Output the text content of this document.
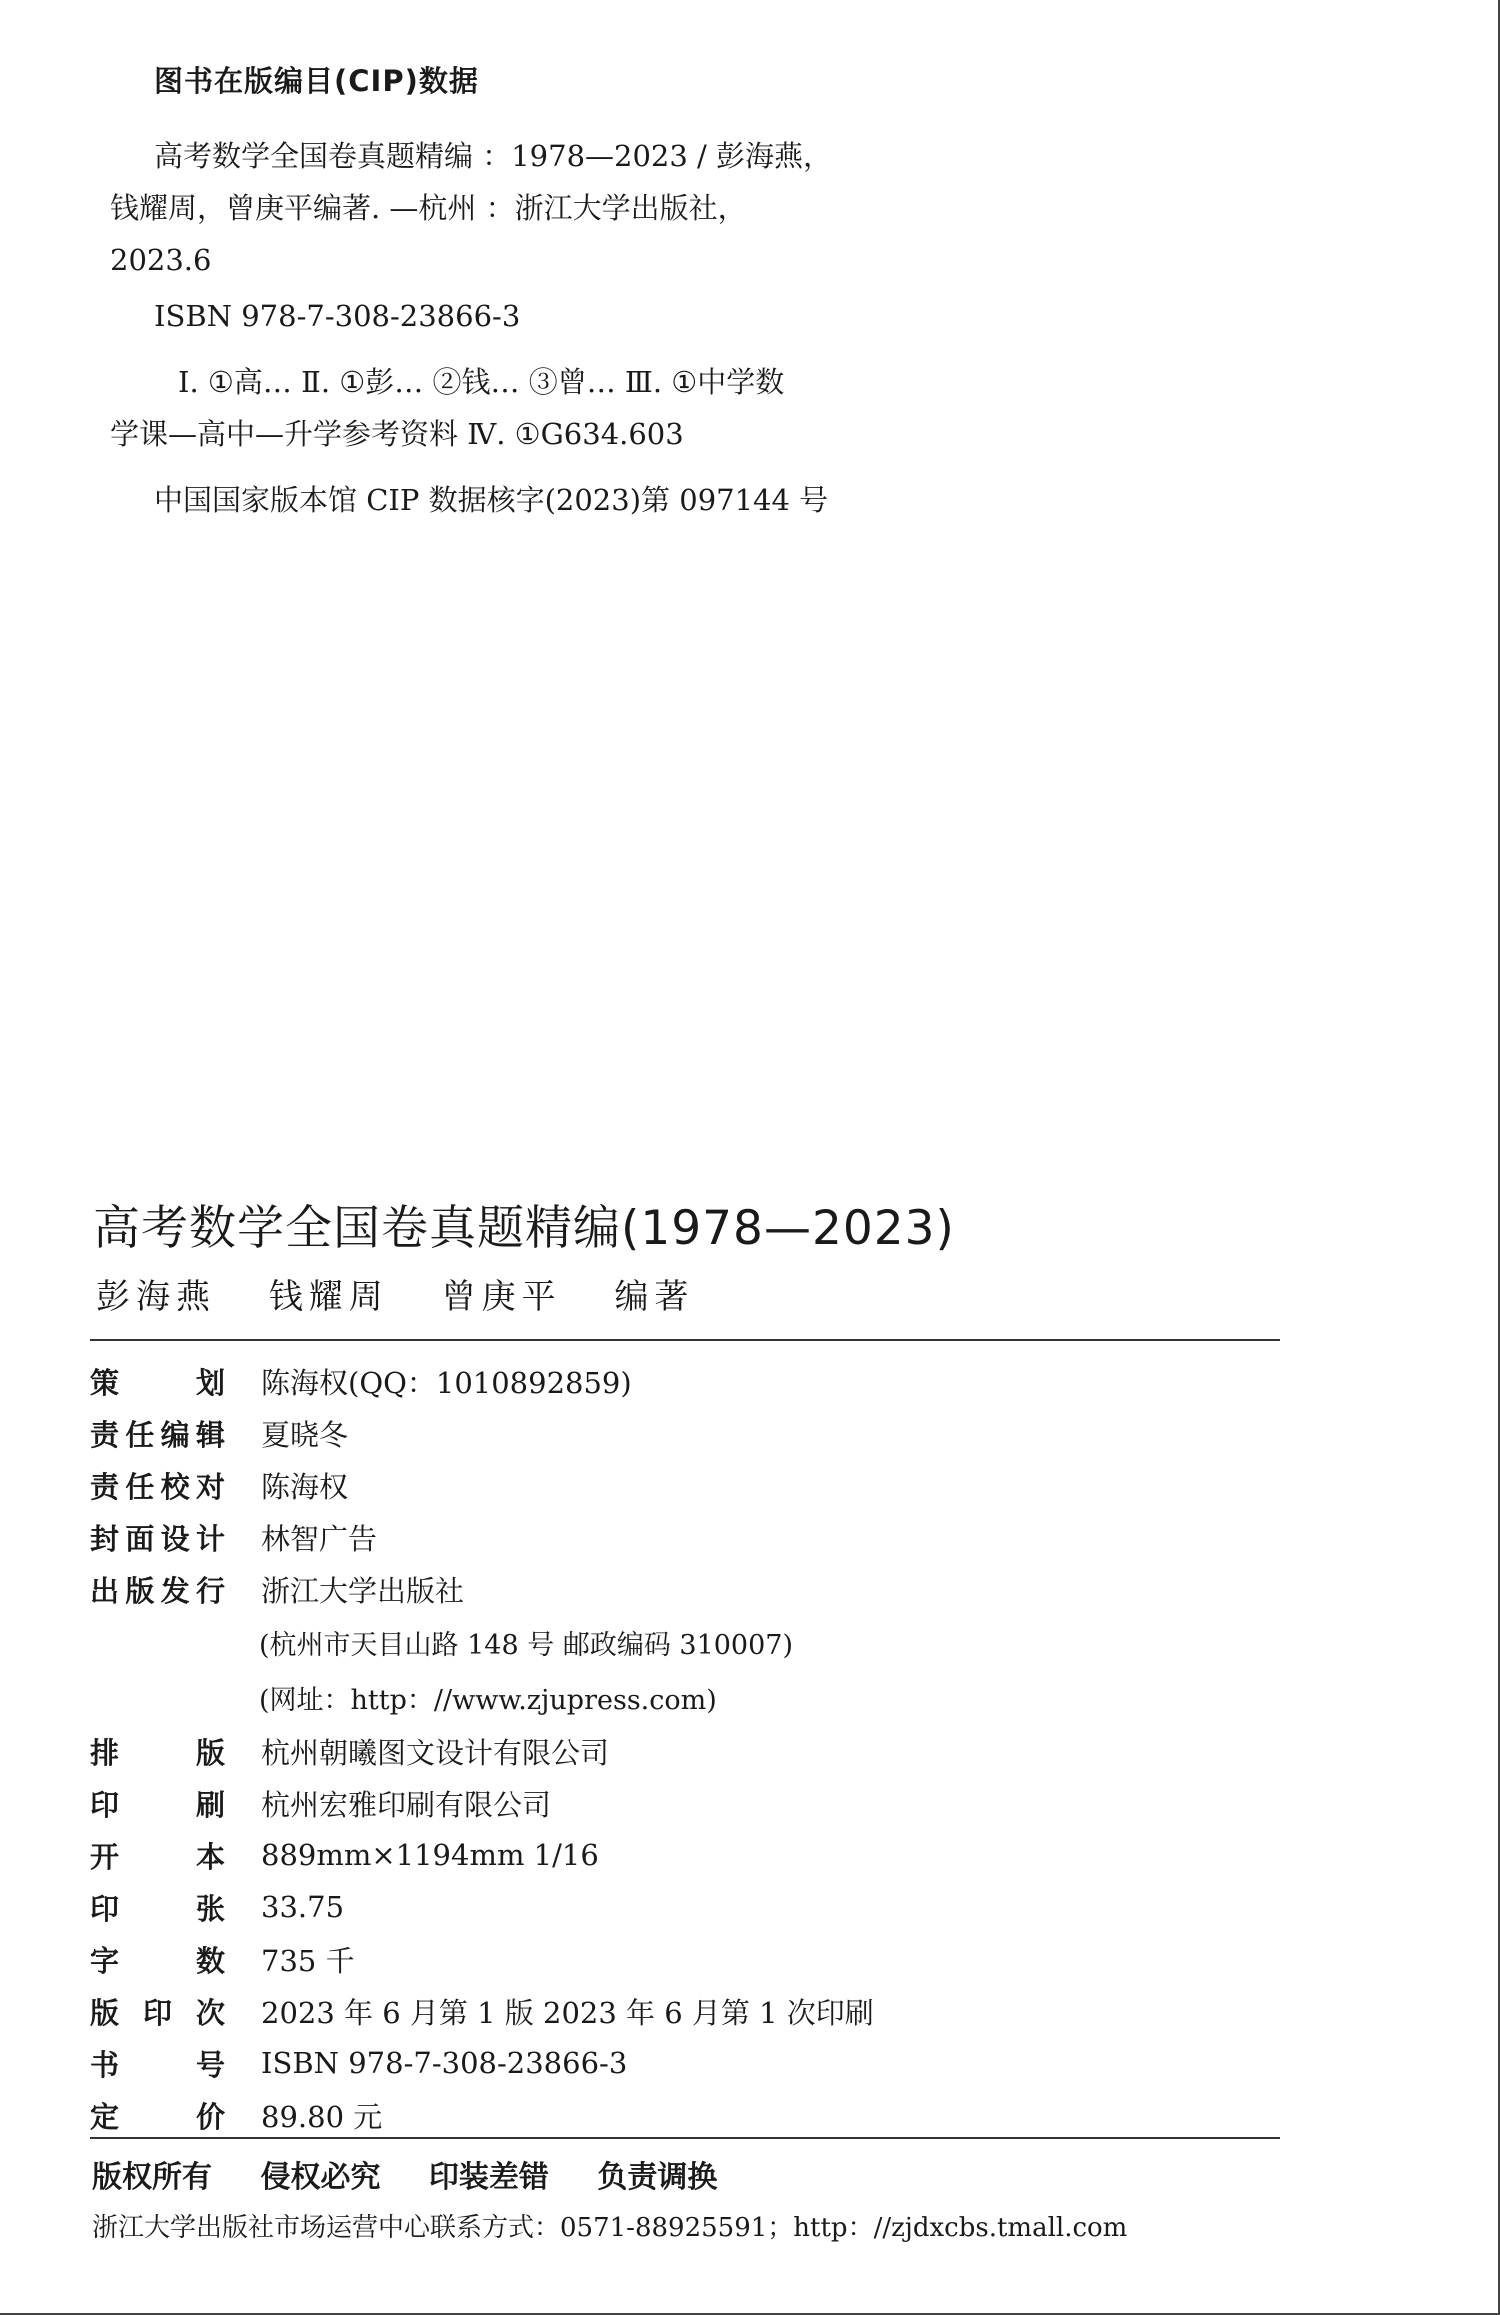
图书在版编目(CIP)数据
高考数学全国卷真题精编 ：1978—2023 / 彭海燕，
钱耀周，曾庚平编著. —杭州 ：浙江大学出版社，
2023.6
ISBN 978-7-308-23866-3
Ⅰ. ①高… Ⅱ. ①彭… ②钱… ③曾… Ⅲ. ①中学数
学课—高中—升学参考资料 Ⅳ. ①G634.603
中国国家版本馆 CIP 数据核字(2023)第 097144 号
高考数学全国卷真题精编(1978—2023)
彭海燕 钱耀周 曾庚平 编著
策	划 陈海权(QQ：1010892859)
责 任 编 辑 夏晓冬
责 任 校 对 陈海权
封 面 设 计 林智广告
出 版 发 行 浙江大学出版社
(杭州市天目山路 148 号 邮政编码 310007)
(网址：http：//www.zjupress.com)
排	版 杭州朝曦图文设计有限公司
印	刷 杭州宏雅印刷有限公司
开	本 889mm×1194mm 1/16
印	张 33.75
字	数 735 千
版 印 次 2023 年 6 月第 1 版 2023 年 6 月第 1 次印刷
书	号 ISBN 978-7-308-23866-3
定	价 89.80 元
版权所有 侵权必究 印装差错 负责调换
浙江大学出版社市场运营中心联系方式：0571-88925591；http：//zjdxcbs.tmall.com
